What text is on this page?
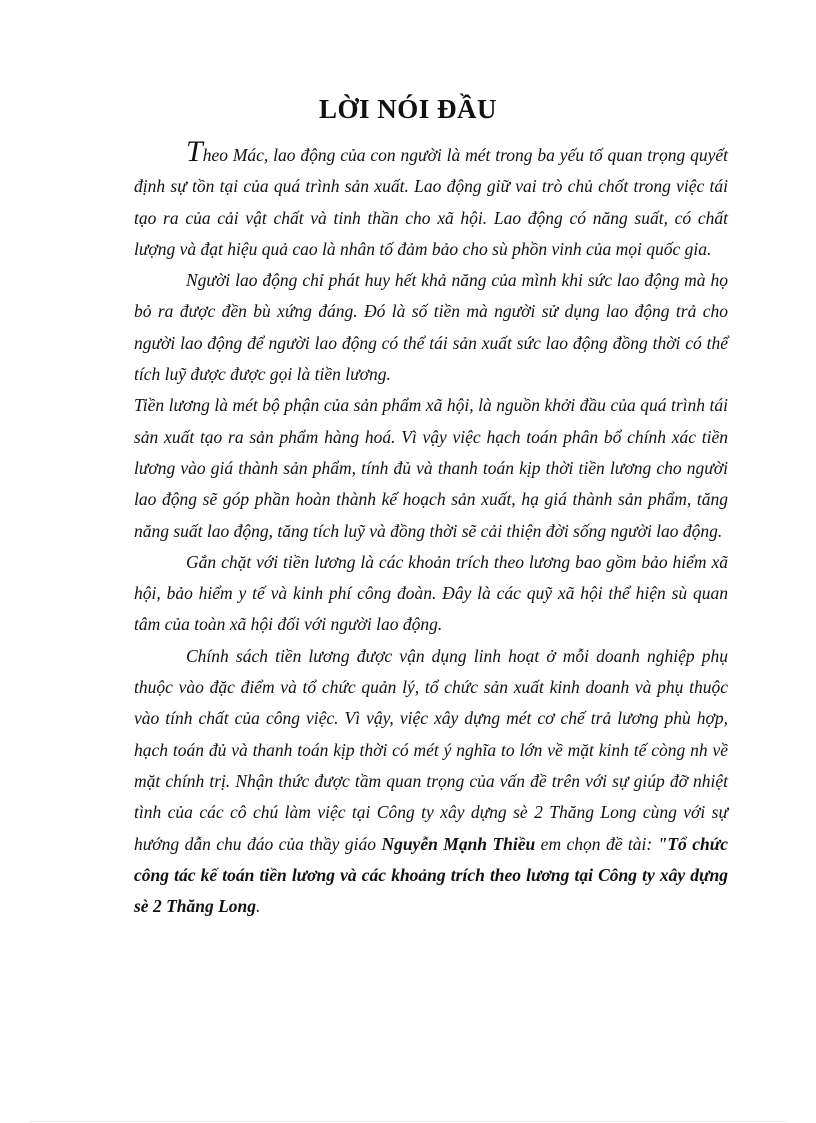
LỜI NÓI ĐẦU

Theo Mác, lao động của con người là mét trong ba yếu tố quan trọng quyết định sự tồn tại của quá trình sản xuất. Lao động giữ vai trò chủ chốt trong việc tái tạo ra của cải vật chất và tinh thần cho xã hội. Lao động có năng suất, có chất lượng và đạt hiệu quả cao là nhân tố đảm bảo cho sù phồn vinh của mọi quốc gia.

Người lao động chỉ phát huy hết khả năng của mình khi sức lao động mà họ bỏ ra được đền bù xứng đáng. Đó là số tiền mà người sử dụng lao động trả cho người lao động để người lao động có thể tái sản xuất sức lao động đồng thời có thể tích luỹ được được gọi là tiền lương.

Tiền lương là mét bộ phận của sản phẩm xã hội, là nguồn khởi đầu của quá trình tái sản xuất tạo ra sản phẩm hàng hoá. Vì vậy việc hạch toán phân bổ chính xác tiền lương vào giá thành sản phẩm, tính đủ và thanh toán kịp thời tiền lương cho người lao động sẽ góp phần hoàn thành kế hoạch sản xuất, hạ giá thành sản phẩm, tăng năng suất lao động, tăng tích luỹ và đồng thời sẽ cải thiện đời sống người lao động.

Gắn chặt với tiền lương là các khoản trích theo lương bao gồm bảo hiểm xã hội, bảo hiểm y tế và kinh phí công đoàn. Đây là các quỹ xã hội thể hiện sù quan tâm của toàn xã hội đối với người lao động.

Chính sách tiền lương được vận dụng linh hoạt ở mỗi doanh nghiệp phụ thuộc vào đặc điểm và tổ chức quản lý, tổ chức sản xuất kinh doanh và phụ thuộc vào tính chất của công việc. Vì vậy, việc xây dựng mét cơ chế trả lương phù hợp, hạch toán đủ và thanh toán kịp thời có mét ý nghĩa to lớn về mặt kinh tế còng nh về mặt chính trị. Nhận thức được tầm quan trọng của vấn đề trên với sự giúp đỡ nhiệt tình của các cô chú làm việc tại Công ty xây dựng sè 2 Thăng Long cùng với sự hướng dẫn chu đáo của thầy giáo Nguyễn Mạnh Thiều em chọn đề tài: "Tổ chức công tác kế toán tiền lương và các khoảng trích theo lương tại Công ty xây dựng sè 2 Thăng Long.
